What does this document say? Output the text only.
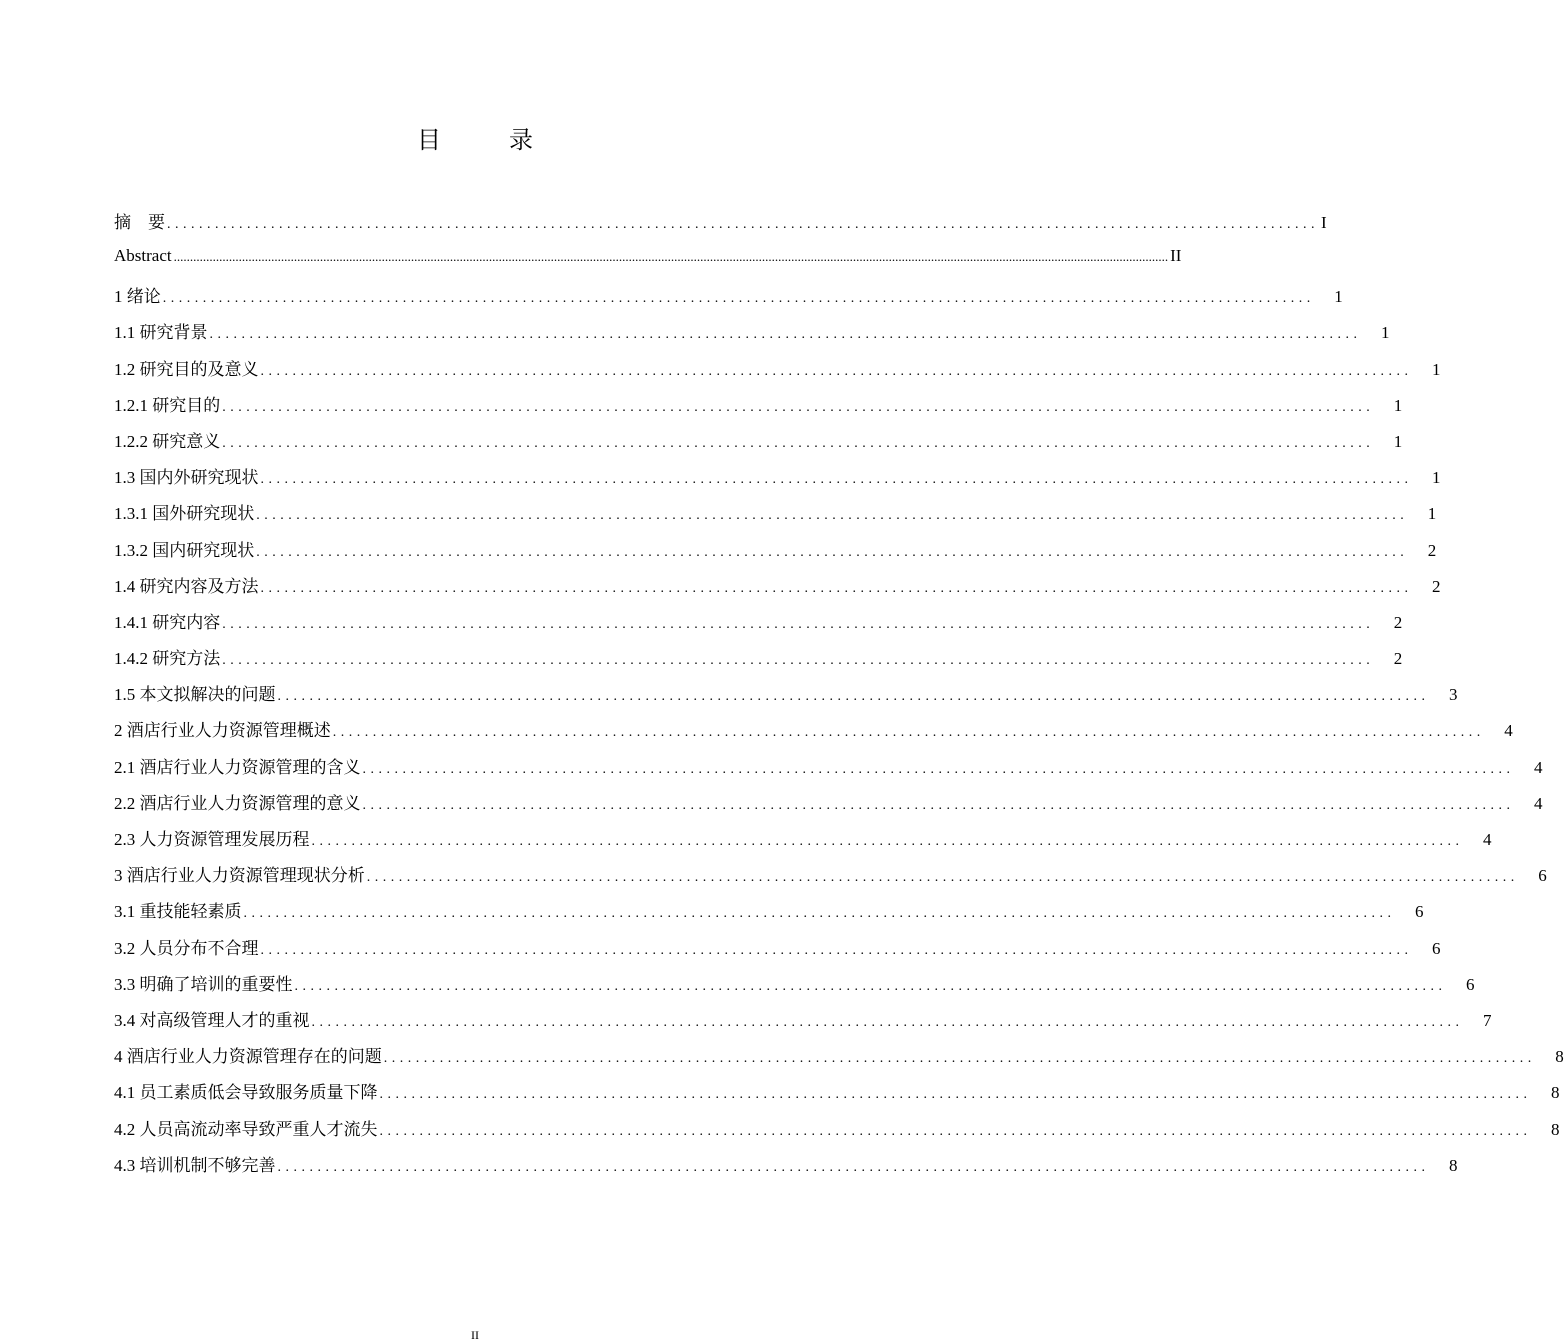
目　录
摘　要 ................................................................................................................................................ I
Abstract .................................................................................................................................................................................................................................................................................................................. II
1 绪论 ................................................................................................................................................	1
1.1 研究背景 ................................................................................................................................................	1
1.2 研究目的及意义 ................................................................................................................................................	1
1.2.1 研究目的 ................................................................................................................................................	1
1.2.2 研究意义 ................................................................................................................................................	1
1.3 国内外研究现状 ................................................................................................................................................	1
1.3.1 国外研究现状 ................................................................................................................................................	1
1.3.2 国内研究现状 ................................................................................................................................................	2
1.4 研究内容及方法 ................................................................................................................................................	2
1.4.1 研究内容 ................................................................................................................................................	2
1.4.2 研究方法 ................................................................................................................................................	2
1.5 本文拟解决的问题 ................................................................................................................................................	3
2 酒店行业人力资源管理概述 ................................................................................................................................................	4
2.1 酒店行业人力资源管理的含义 ................................................................................................................................................	4
2.2 酒店行业人力资源管理的意义 ................................................................................................................................................	4
2.3 人力资源管理发展历程 ................................................................................................................................................	4
3 酒店行业人力资源管理现状分析 ................................................................................................................................................	6
3.1 重技能轻素质 ................................................................................................................................................	6
3.2 人员分布不合理 ................................................................................................................................................	6
3.3 明确了培训的重要性 ................................................................................................................................................	6
3.4 对高级管理人才的重视 ................................................................................................................................................	7
4 酒店行业人力资源管理存在的问题 ................................................................................................................................................	8
4.1 员工素质低会导致服务质量下降 ................................................................................................................................................	8
4.2 人员高流动率导致严重人才流失 ................................................................................................................................................	8
4.3 培训机制不够完善 ................................................................................................................................................	8
II
